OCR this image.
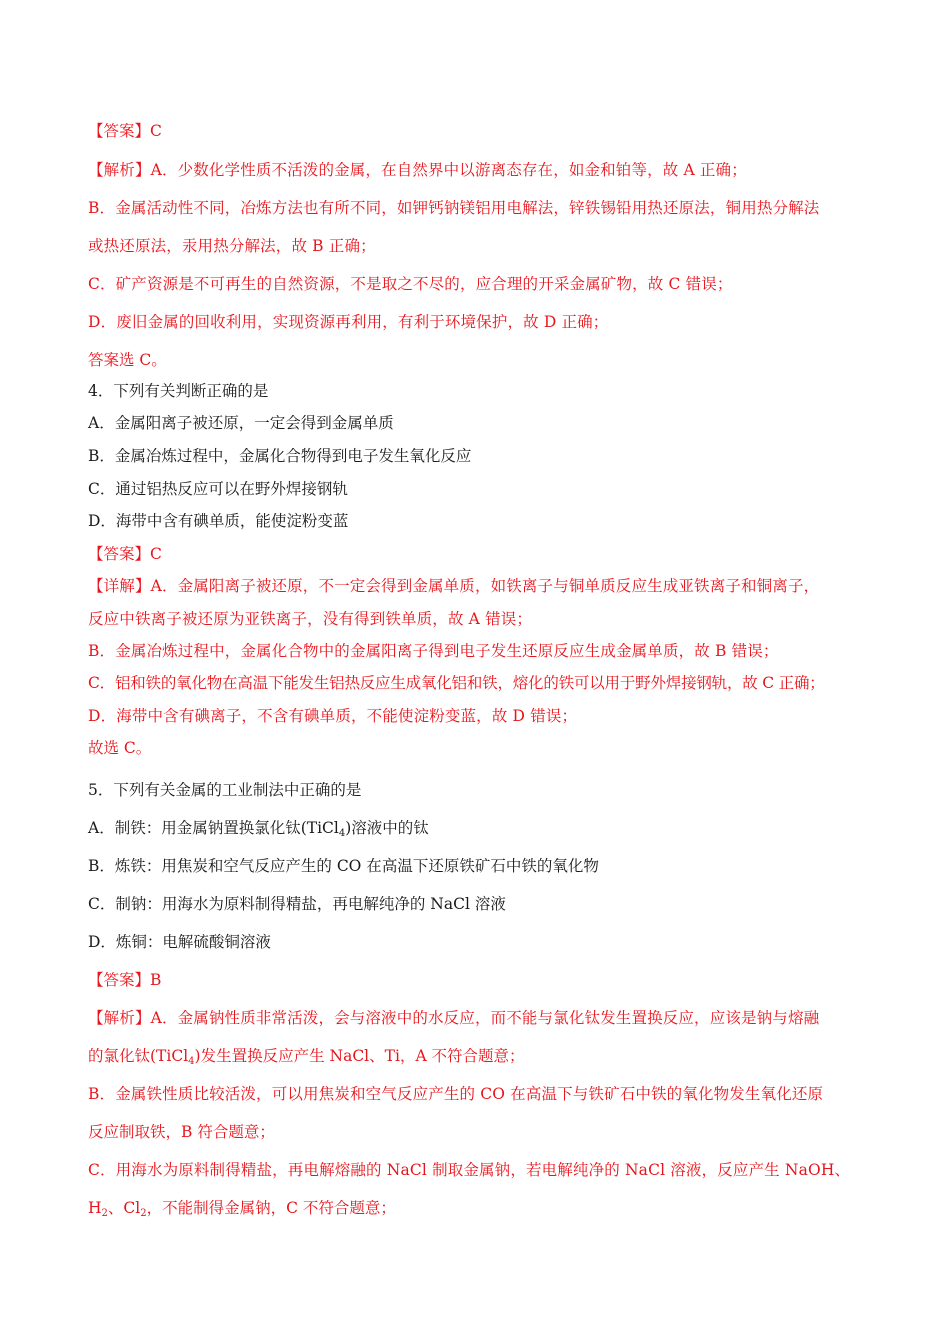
【答案】C
【解析】A．少数化学性质不活泼的金属，在自然界中以游离态存在，如金和铂等，故 A 正确；
B．金属活动性不同，冶炼方法也有所不同，如钾钙钠镁铝用电解法，锌铁锡铅用热还原法，铜用热分解法
或热还原法，汞用热分解法，故 B 正确；
C．矿产资源是不可再生的自然资源，不是取之不尽的，应合理的开采金属矿物，故 C 错误；
D．废旧金属的回收利用，实现资源再利用，有利于环境保护，故 D 正确；
答案选 C。
4．下列有关判断正确的是
A．金属阳离子被还原，一定会得到金属单质
B．金属冶炼过程中，金属化合物得到电子发生氧化反应
C．通过铝热反应可以在野外焊接钢轨
D．海带中含有碘单质，能使淀粉变蓝
【答案】C
【详解】A．金属阳离子被还原，不一定会得到金属单质，如铁离子与铜单质反应生成亚铁离子和铜离子，
反应中铁离子被还原为亚铁离子，没有得到铁单质，故 A 错误；
B．金属冶炼过程中，金属化合物中的金属阳离子得到电子发生还原反应生成金属单质，故 B 错误；
C．铝和铁的氧化物在高温下能发生铝热反应生成氧化铝和铁，熔化的铁可以用于野外焊接钢轨，故 C 正确；
D．海带中含有碘离子，不含有碘单质，不能使淀粉变蓝，故 D 错误；
故选 C。
5．下列有关金属的工业制法中正确的是
A．制铁：用金属钠置换氯化钛(TiCl$_4$)溶液中的钛
B．炼铁：用焦炭和空气反应产生的 CO 在高温下还原铁矿石中铁的氧化物
C．制钠：用海水为原料制得精盐，再电解纯净的 NaCl 溶液
D．炼铜：电解硫酸铜溶液
【答案】B
【解析】A．金属钠性质非常活泼，会与溶液中的水反应，而不能与氯化钛发生置换反应，应该是钠与熔融
的氯化钛(TiCl$_4$)发生置换反应产生 NaCl、Ti，A 不符合题意；
B．金属铁性质比较活泼，可以用焦炭和空气反应产生的 CO 在高温下与铁矿石中铁的氧化物发生氧化还原
反应制取铁，B 符合题意；
C．用海水为原料制得精盐，再电解熔融的 NaCl 制取金属钠，若电解纯净的 NaCl 溶液，反应产生 NaOH、
$H_2$、$Cl_2$，不能制得金属钠，C 不符合题意；
